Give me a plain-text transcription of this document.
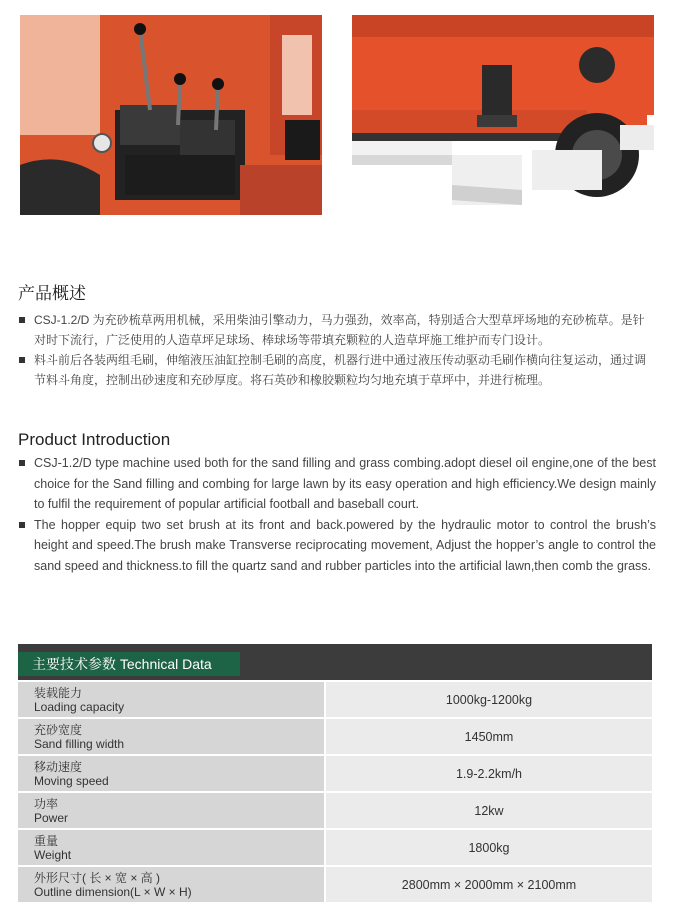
产品概述
CSJ-1.2/D 为充砂梳草两用机械，采用柴油引擎动力，马力强劲，效率高，特别适合大型草坪场地的充砂梳草。是针对时下流行，广泛使用的人造草坪足球场、棒球场等带填充颗粒的人造草坪施工维护而专门设计。
料斗前后各装两组毛刷，伸缩液压油缸控制毛刷的高度，机器行进中通过液压传动驱动毛刷作横向往复运动，通过调节料斗角度，控制出砂速度和充砂厚度。将石英砂和橡胶颗粒均匀地充填于草坪中，并进行梳理。
Product Introduction
CSJ-1.2/D type machine used both for the sand filling and grass combing.adopt diesel oil engine,one of the best choice for the Sand filling and combing for large lawn by its easy operation and high efficiency.We design mainly to fulfil the requirement of popular artificial football and baseball court.
The hopper equip two set brush at its front and back.powered by the hydraulic motor to control the brush’s height and speed.The brush make Transverse reciprocating movement, Adjust the hopper’s angle to control the sand speed and thickness.to fill the quartz sand and rubber particles into the artificial lawn,then comb the grass.
主要技术参数 Technical Data
装载能力
Loading capacity	1000kg-1200kg
充砂宽度
Sand filling width	1450mm
移动速度
Moving speed	1.9-2.2km/h
功率
Power	12kw
重量
Weight	1800kg
外形尺寸( 长 × 宽 × 高 )
Outline dimension(L × W × H)	2800mm × 2000mm × 2100mm
